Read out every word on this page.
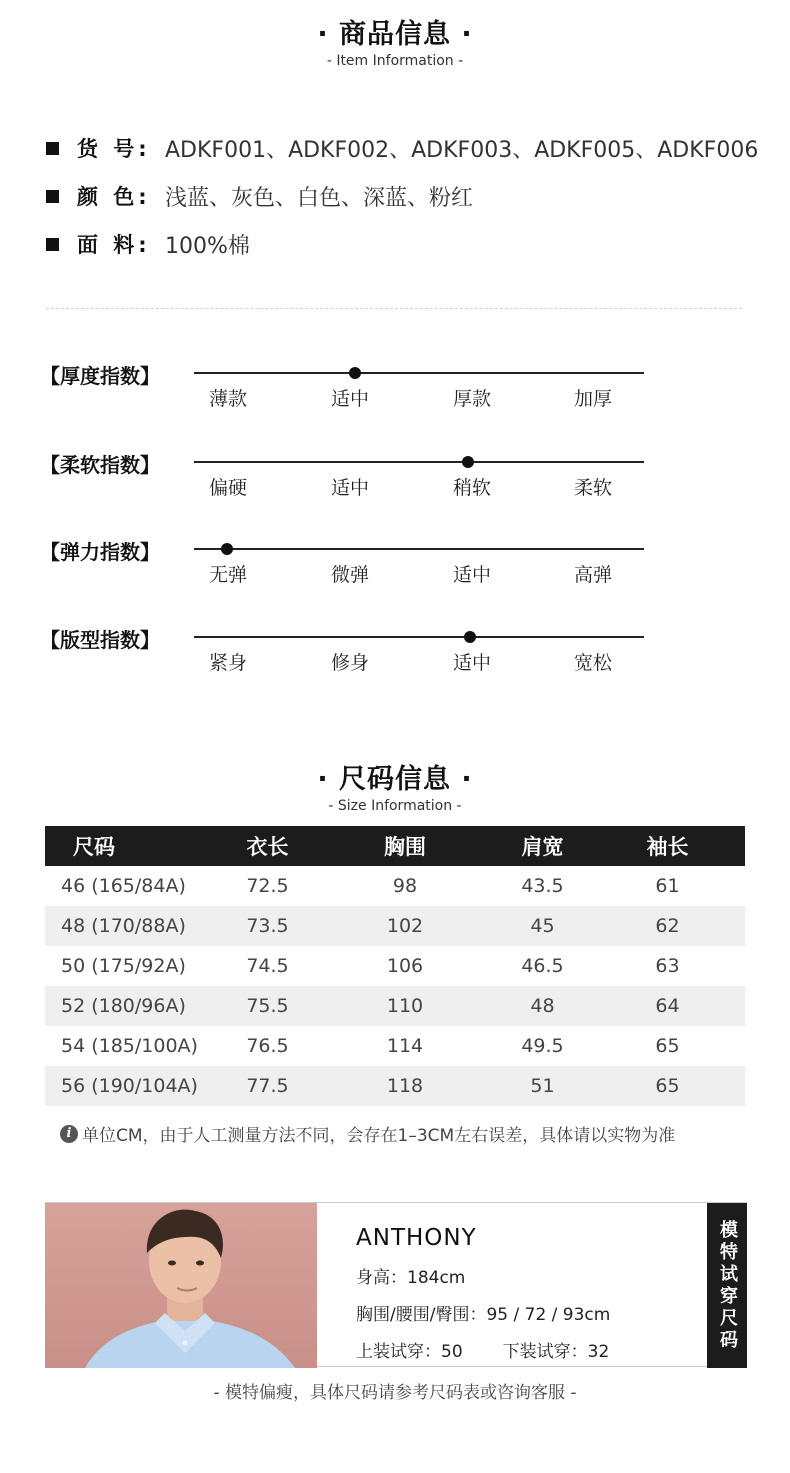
· 商品信息 ·
- Item Information -
货 号: ADKF001、ADKF002、ADKF003、ADKF005、ADKF006
颜 色: 浅蓝、灰色、白色、深蓝、粉红
面 料: 100%棉
【厚度指数】
薄款	适中	厚款	加厚
【柔软指数】
偏硬	适中	稍软	柔软
【弹力指数】
无弹	微弹	适中	高弹
【版型指数】
紧身	修身	适中	宽松
· 尺码信息 ·
- Size Information -
尺码	衣长	胸围	肩宽	袖长
46 (165/84A)	72.5	98	43.5	61
48 (170/88A)	73.5	102	45	62
50 (175/92A)	74.5	106	46.5	63
52 (180/96A)	75.5	110	48	64
54 (185/100A)	76.5	114	49.5	65
56 (190/104A)	77.5	118	51	65
i 单位CM，由于人工测量方法不同，会存在1–3CM左右误差，具体请以实物为准
ANTHONY
身高：184cm
胸围/腰围/臀围：95 / 72 / 93cm
上装试穿：50 下装试穿：32
模特试穿尺码
- 模特偏瘦，具体尺码请参考尺码表或咨询客服 -
